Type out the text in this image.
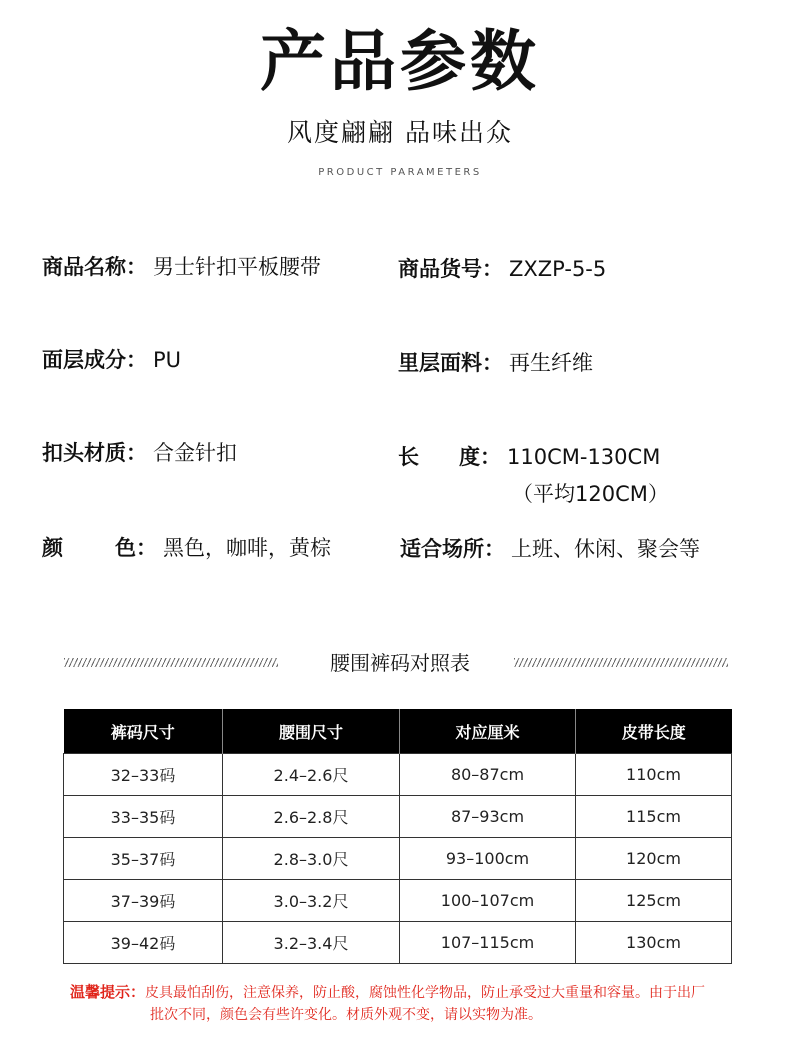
产品参数
风度翩翩 品味出众
PRODUCT PARAMETERS
商品名称： 男士针扣平板腰带	商品货号： ZXZP-5-5
面层成分： PU	里层面料： 再生纤维
扣头材质： 合金针扣	长 度： 110CM-130CM
（平均120CM）
颜 色： 黑色，咖啡，黄棕	适合场所： 上班、休闲、聚会等
腰围裤码对照表
裤码尺寸	腰围尺寸	对应厘米	皮带长度
32–33码	2.4–2.6尺	80–87cm	110cm
33–35码	2.6–2.8尺	87–93cm	115cm
35–37码	2.8–3.0尺	93–100cm	120cm
37–39码	3.0–3.2尺	100–107cm	125cm
39–42码	3.2–3.4尺	107–115cm	130cm
温馨提示：皮具最怕刮伤，注意保养，防止酸，腐蚀性化学物品，防止承受过大重量和容量。由于出厂
批次不同，颜色会有些许变化。材质外观不变，请以实物为准。
